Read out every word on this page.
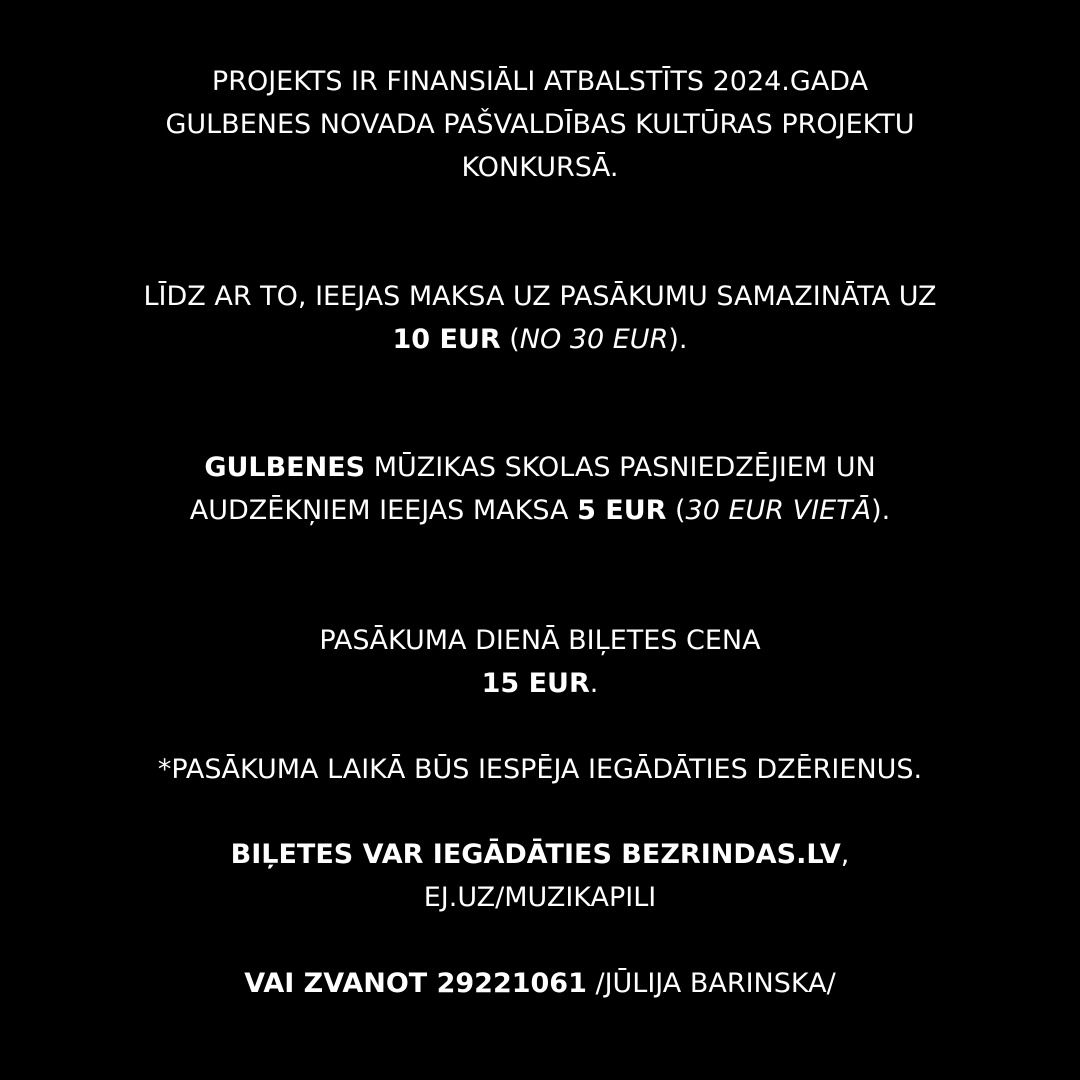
PROJEKTS IR FINANSIĀLI ATBALSTĪTS 2024.GADA
GULBENES NOVADA PAŠVALDĪBAS KULTŪRAS PROJEKTU
KONKURSĀ.
LĪDZ AR TO, IEEJAS MAKSA UZ PASĀKUMU SAMAZINĀTA UZ
10 EUR (NO 30 EUR).
GULBENES MŪZIKAS SKOLAS PASNIEDZĒJIEM UN
AUDZĒKŅIEM IEEJAS MAKSA 5 EUR (30 EUR VIETĀ).
PASĀKUMA DIENĀ BIĻETES CENA
15 EUR.
*PASĀKUMA LAIKĀ BŪS IESPĒJA IEGĀDĀTIES DZĒRIENUS.
BIĻETES VAR IEGĀDĀTIES BEZRINDAS.LV,
EJ.UZ/MUZIKAPILI
VAI ZVANOT 29221061 /JŪLIJA BARINSKA/
